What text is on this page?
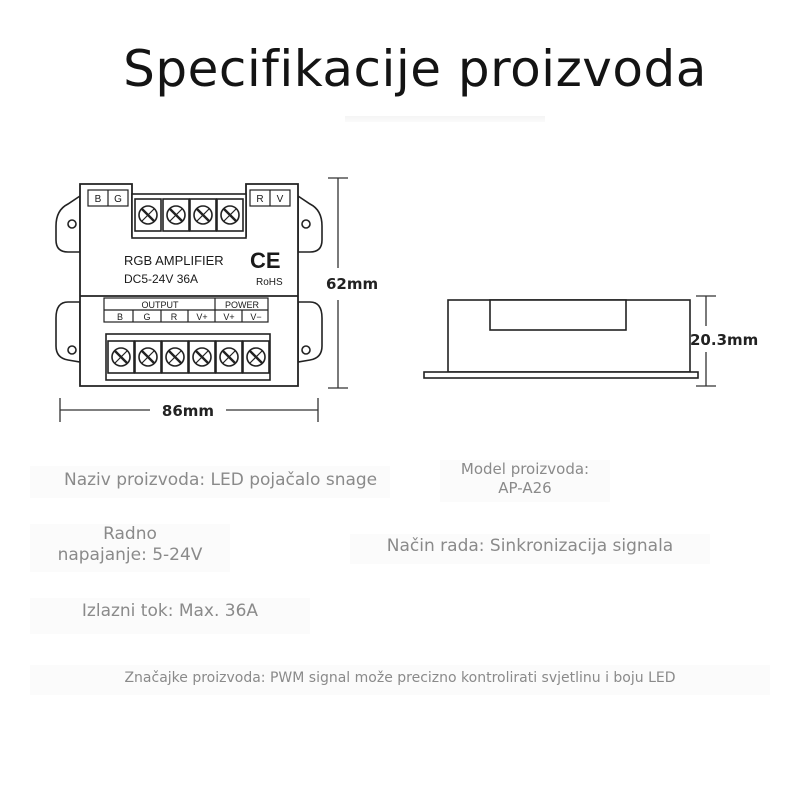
Specifikacije proizvoda
B G	R V
RGB AMPLIFIER
DC5-24V 36A
CE
RoHS
OUTPUT	POWER
B G R V+ V+ V−
86mm
62mm
20.3mm
Naziv proizvoda: LED pojačalo snage
Model proizvoda:
AP-A26
Radno
napajanje: 5-24V	Način rada: Sinkronizacija signala
Izlazni tok: Max. 36A
Značajke proizvoda: PWM signal može precizno kontrolirati svjetlinu i boju LED
